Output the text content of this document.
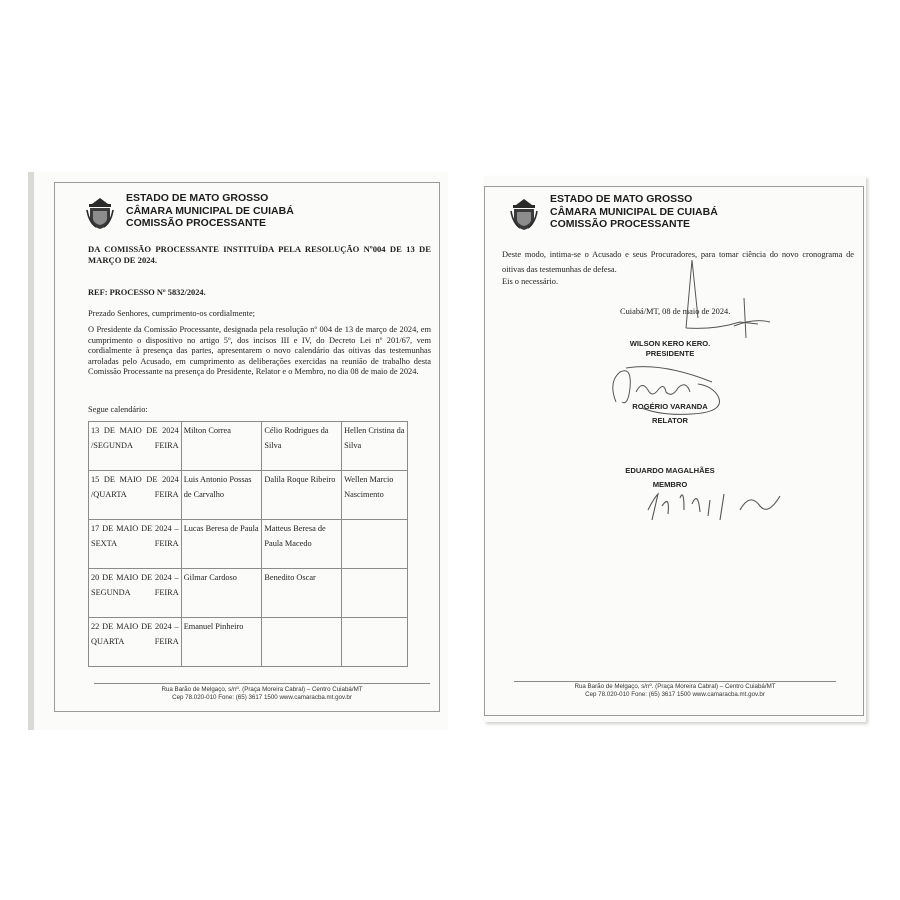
ESTADO DE MATO GROSSO
CÂMARA MUNICIPAL DE CUIABÁ
COMISSÃO PROCESSANTE
DA COMISSÃO PROCESSANTE INSTITUÍDA PELA RESOLUÇÃO Nº004 DE 13 DE MARÇO DE 2024.
REF: PROCESSO Nº 5832/2024.
Prezado Senhores, cumprimento-os cordialmente;
O Presidente da Comissão Processante, designada pela resolução nº 004 de 13 de março de 2024, em cumprimento o dispositivo no artigo 5º, dos incisos III e IV, do Decreto Lei nº 201/67, vem cordialmente à presença das partes, apresentarem o novo calendário das oitivas das testemunhas arroladas pelo Acusado, em cumprimento as deliberações exercidas na reunião de trabalho desta Comissão Processante na presença do Presidente, Relator e o Membro, no dia 08 de maio de 2024.
Segue calendário:
13 DE MAIO DE 2024 /SEGUNDA FEIRA	Milton Correa	Célio Rodrigues da Silva	Hellen Cristina da Silva
15 DE MAIO DE 2024 /QUARTA FEIRA	Luis Antonio Possas de Carvalho	Dalila Roque Ribeiro	Wellen Marcio Nascimento
17 DE MAIO DE 2024 – SEXTA FEIRA	Lucas Beresa de Paula	Matteus Beresa de Paula Macedo	
20 DE MAIO DE 2024 – SEGUNDA FEIRA	Gilmar Cardoso	Benedito Oscar	
22 DE MAIO DE 2024 – QUARTA FEIRA	Emanuel Pinheiro		
Rua Barão de Melgaço, s/nº. (Praça Moreira Cabral) – Centro Cuiabá/MT
Cep 78.020-010 Fone: (65) 3617 1500 www.camaracba.mt.gov.br
ESTADO DE MATO GROSSO
CÂMARA MUNICIPAL DE CUIABÁ
COMISSÃO PROCESSANTE
Deste modo, intima-se o Acusado e seus Procuradores, para tomar ciência do novo cronograma de oitivas das testemunhas de defesa.
Eis o necessário.
Cuiabá/MT, 08 de maio de 2024.
WILSON KERO KERO.
PRESIDENTE
ROGÉRIO VARANDA
RELATOR
EDUARDO MAGALHÃES
MEMBRO
Rua Barão de Melgaço, s/nº. (Praça Moreira Cabral) – Centro Cuiabá/MT
Cep 78.020-010 Fone: (65) 3617 1500 www.camaracba.mt.gov.br
